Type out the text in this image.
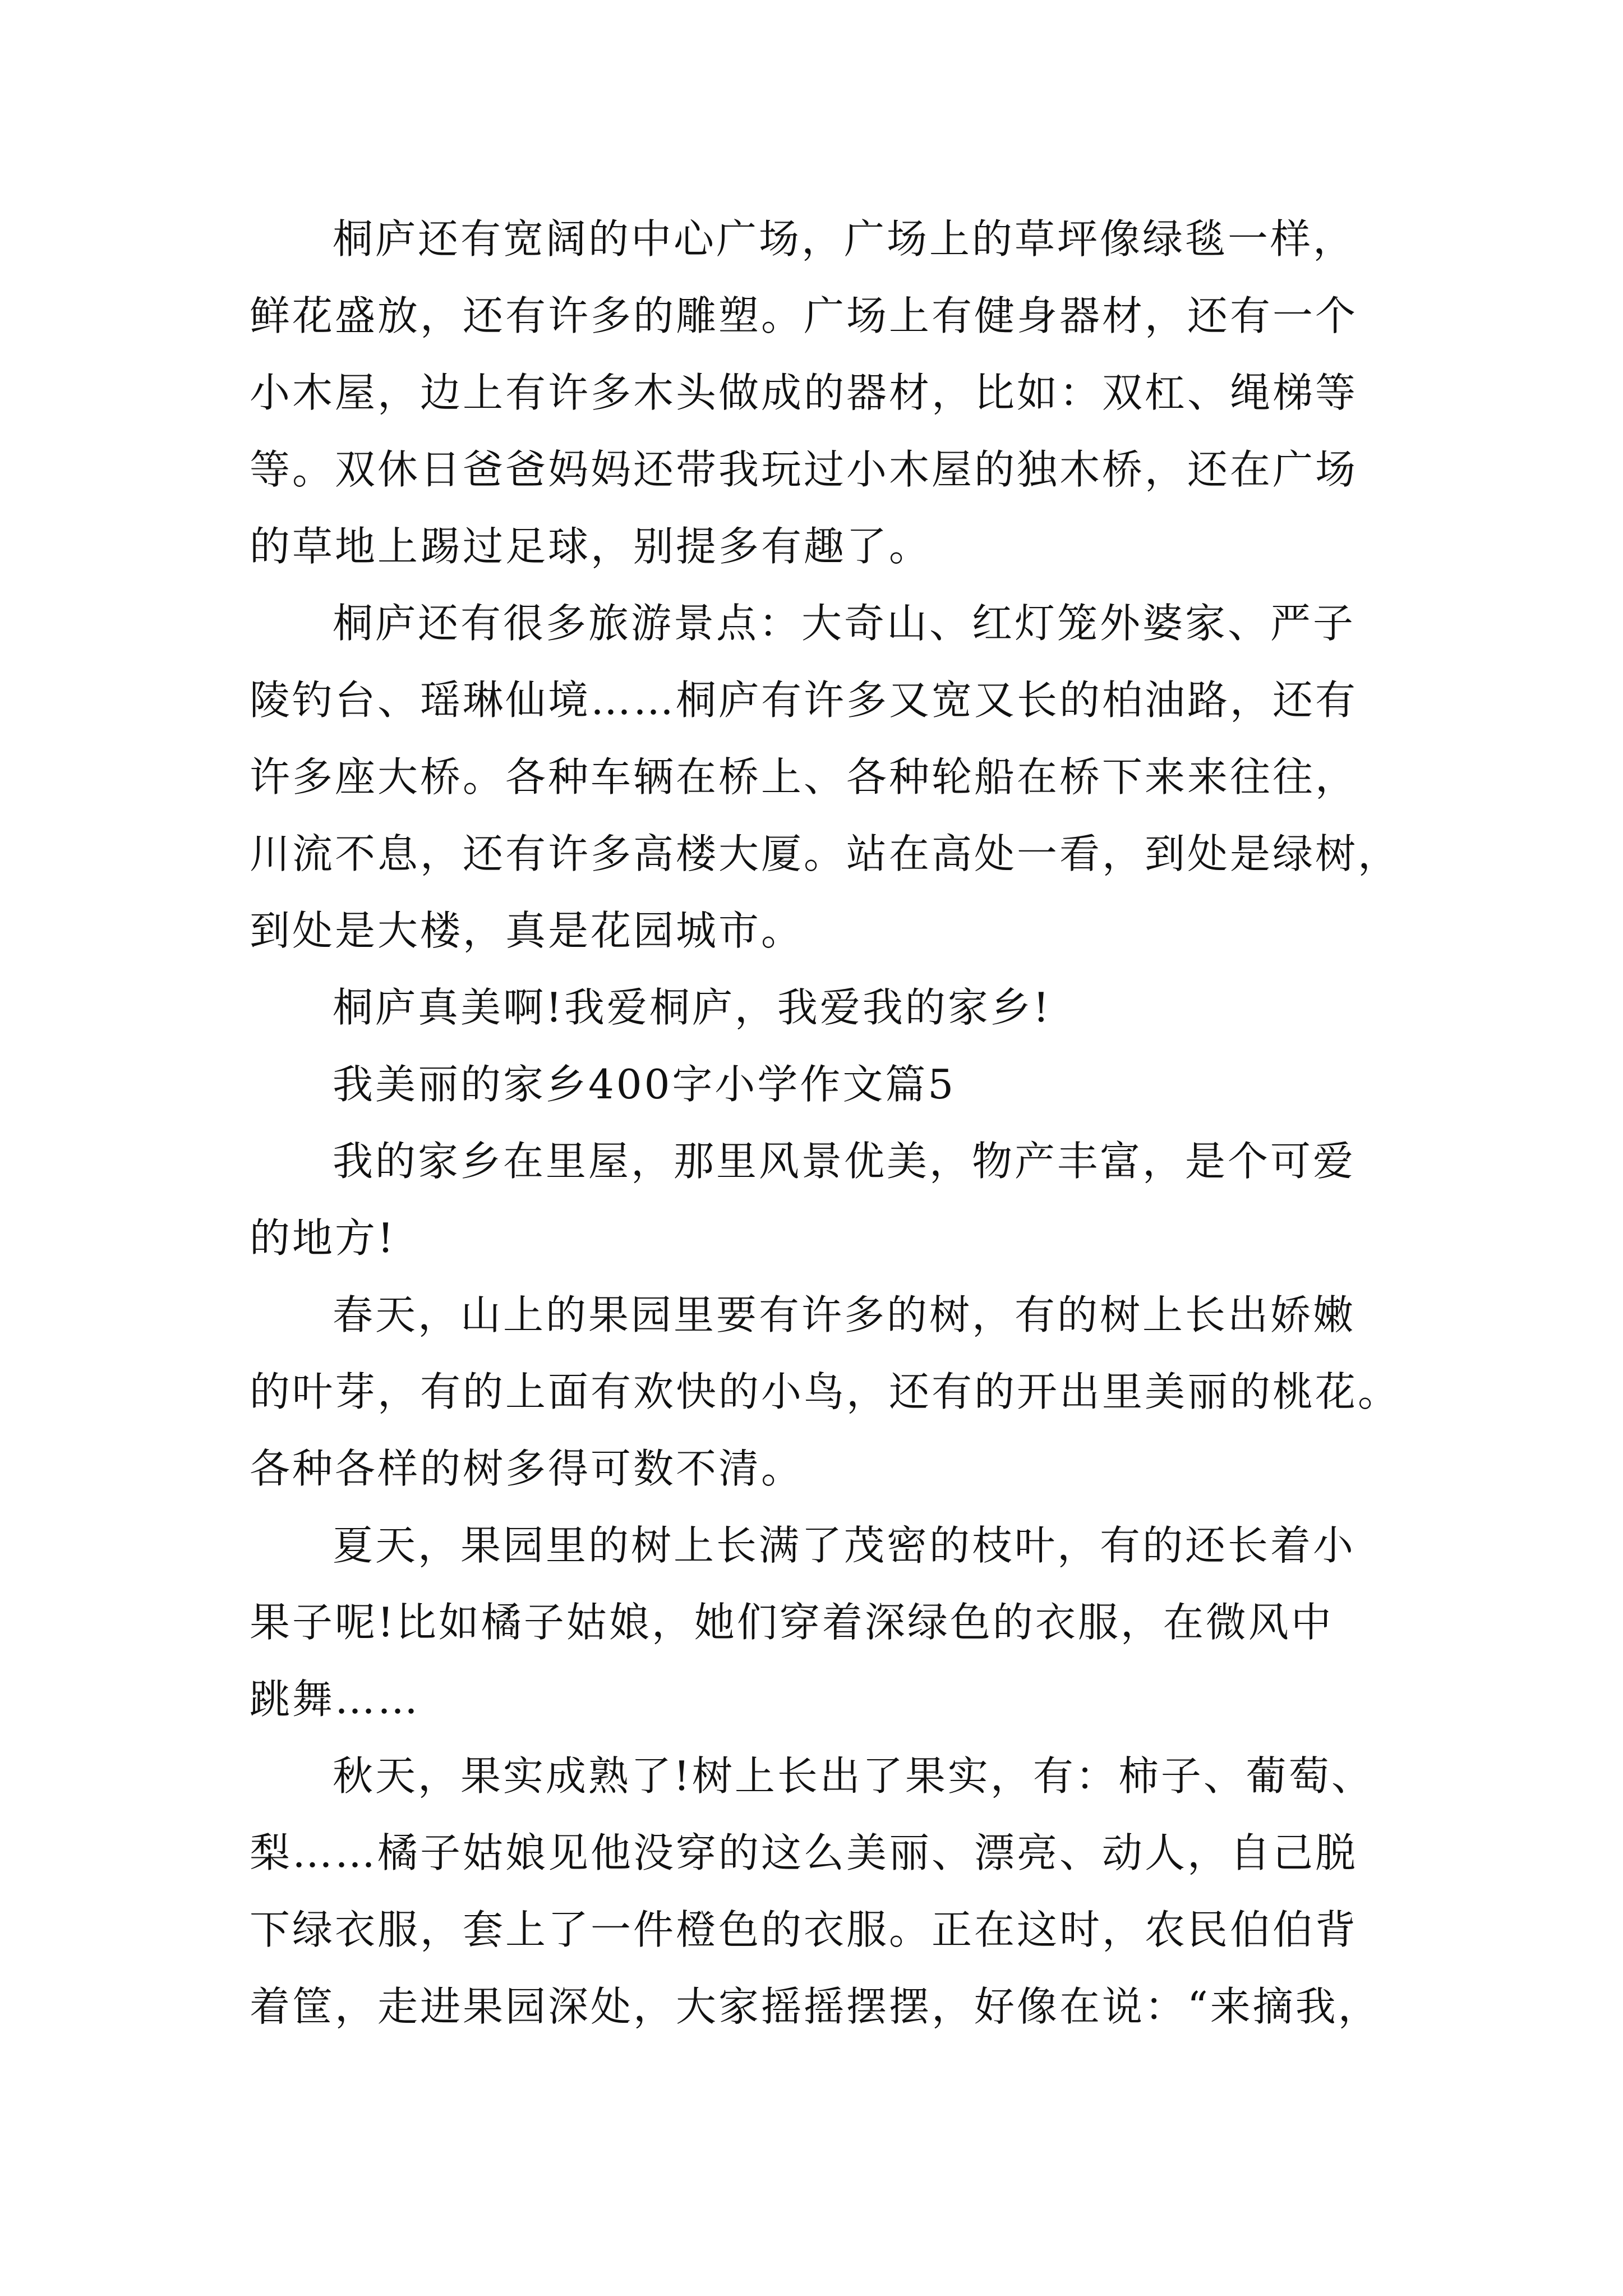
桐庐还有宽阔的中心广场，广场上的草坪像绿毯一样，
鲜花盛放，还有许多的雕塑。广场上有健身器材，还有一个
小木屋，边上有许多木头做成的器材，比如：双杠、绳梯等
等。双休日爸爸妈妈还带我玩过小木屋的独木桥，还在广场
的草地上踢过足球，别提多有趣了。
桐庐还有很多旅游景点：大奇山、红灯笼外婆家、严子
陵钓台、瑶琳仙境……桐庐有许多又宽又长的柏油路，还有
许多座大桥。各种车辆在桥上、各种轮船在桥下来来往往，
川流不息，还有许多高楼大厦。站在高处一看，到处是绿树，
到处是大楼，真是花园城市。
桐庐真美啊!我爱桐庐，我爱我的家乡!
我美丽的家乡400字小学作文篇5
我的家乡在里屋，那里风景优美，物产丰富，是个可爱
的地方!
春天，山上的果园里要有许多的树，有的树上长出娇嫩
的叶芽，有的上面有欢快的小鸟，还有的开出里美丽的桃花。
各种各样的树多得可数不清。
夏天，果园里的树上长满了茂密的枝叶，有的还长着小
果子呢!比如橘子姑娘，她们穿着深绿色的衣服，在微风中
跳舞……
秋天，果实成熟了!树上长出了果实，有：柿子、葡萄、
梨……橘子姑娘见他没穿的这么美丽、漂亮、动人，自己脱
下绿衣服，套上了一件橙色的衣服。正在这时，农民伯伯背
着筐，走进果园深处，大家摇摇摆摆，好像在说：“来摘我，
